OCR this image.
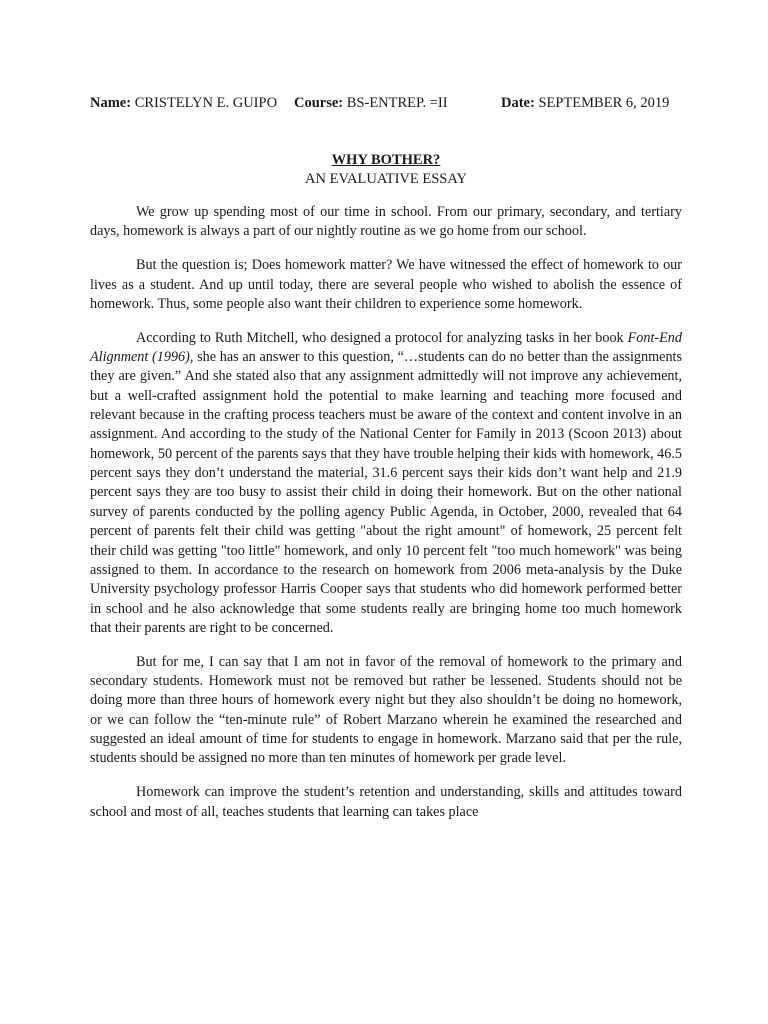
Name: CRISTELYN E. GUIPO Course: BS-ENTREP. =II	Date: SEPTEMBER 6, 2019

WHY BOTHER?

AN EVALUATIVE ESSAY

We grow up spending most of our time in school. From our primary, secondary, and tertiary days, homework is always a part of our nightly routine as we go home from our school.

But the question is; Does homework matter? We have witnessed the effect of homework to our lives as a student. And up until today, there are several people who wished to abolish the essence of homework. Thus, some people also want their children to experience some homework.

According to Ruth Mitchell, who designed a protocol for analyzing tasks in her book Font-End Alignment (1996), she has an answer to this question, “…students can do no better than the assignments they are given.” And she stated also that any assignment admittedly will not improve any achievement, but a well-crafted assignment hold the potential to make learning and teaching more focused and relevant because in the crafting process teachers must be aware of the context and content involve in an assignment. And according to the study of the National Center for Family in 2013 (Scoon 2013) about homework, 50 percent of the parents says that they have trouble helping their kids with homework, 46.5 percent says they don’t understand the material, 31.6 percent says their kids don’t want help and 21.9 percent says they are too busy to assist their child in doing their homework. But on the other national survey of parents conducted by the polling agency Public Agenda, in October, 2000, revealed that 64 percent of parents felt their child was getting "about the right amount" of homework, 25 percent felt their child was getting "too little" homework, and only 10 percent felt "too much homework" was being assigned to them. In accordance to the research on homework from 2006 meta-analysis by the Duke University psychology professor Harris Cooper says that students who did homework performed better in school and he also acknowledge that some students really are bringing home too much homework that their parents are right to be concerned.

But for me, I can say that I am not in favor of the removal of homework to the primary and secondary students. Homework must not be removed but rather be lessened. Students should not be doing more than three hours of homework every night but they also shouldn’t be doing no homework, or we can follow the “ten-minute rule” of Robert Marzano wherein he examined the researched and suggested an ideal amount of time for students to engage in homework. Marzano said that per the rule, students should be assigned no more than ten minutes of homework per grade level.

Homework can improve the student’s retention and understanding, skills and attitudes toward school and most of all, teaches students that learning can takes place
